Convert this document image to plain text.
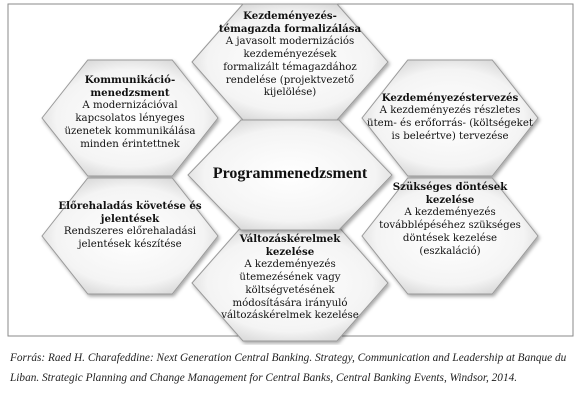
Programmenedzsment
Kezdeményezés-
témagazda formalizálása
A javasolt modernizációs
kezdeményezések
formalizált témagazdához
rendelése (projektvezető
kijelölése)
Kommunikáció-
menedzsment
A modernizációval
kapcsolatos lényeges
üzenetek kommunikálása
minden érintettnek
Kezdeményezéstervezés
A kezdeményezés részletes
ütem- és erőforrás- (költségeket
is beleértve) tervezése
Előrehaladás követése és
jelentések
Rendszeres előrehaladási
jelentések készítése
Szükséges döntések
kezelése
A kezdeményezés
továbblépéséhez szükséges
döntések kezelése
(eszkaláció)
Változáskérelmek
kezelése
A kezdeményezés
ütemezésének vagy
költségvetésének
módosítására irányuló
változáskérelmek kezelése
Forrás: Raed H. Charafeddine: Next Generation Central Banking. Strategy, Communication and Leadership at Banque du Liban. Strategic Planning and Change Management for Central Banks, Central Banking Events, Windsor, 2014.
